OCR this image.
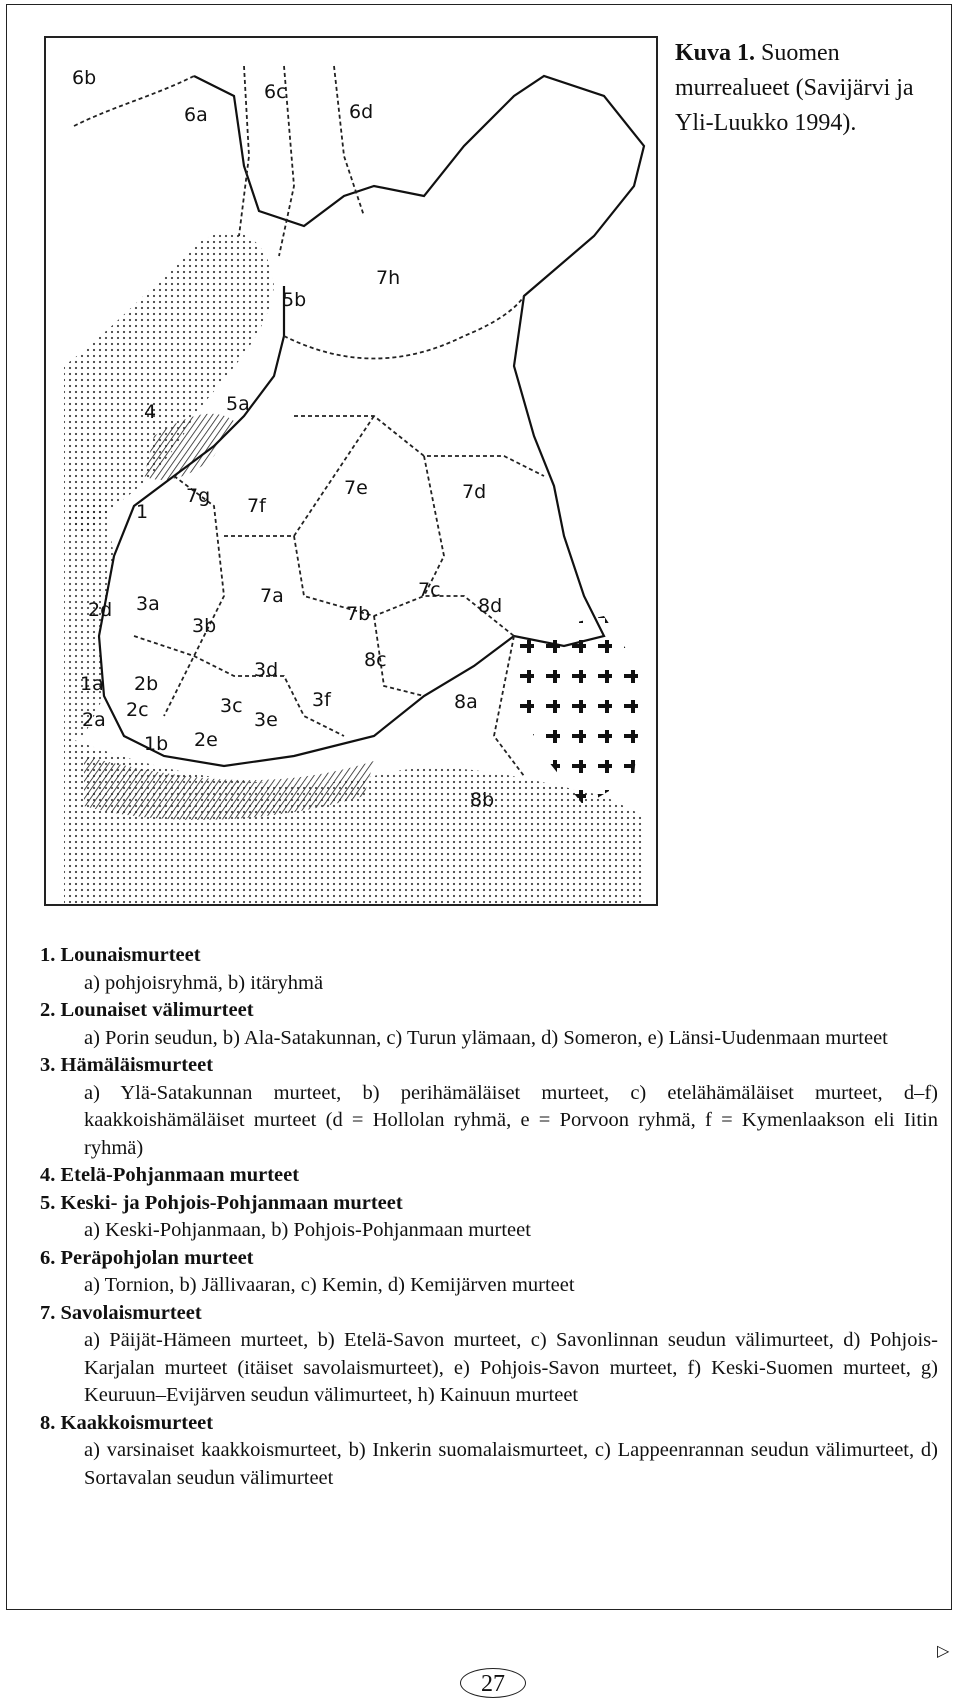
6b
6a
6c
6d
7h
5b
5a
4
7g 7f
7e	7d
1
2d 3a
3b
7a
7b
7c
8d
8c
3d
1a 2b
2c	3c
3e
3f	8a
2a
1b 2e
8b
Kuva 1. Suomen murrealueet (Savijärvi ja Yli-Luukko 1994).
1. Lounaismurteet
a) pohjoisryhmä, b) itäryhmä
2. Lounaiset välimurteet
a) Porin seudun, b) Ala-Satakunnan, c) Turun ylämaan, d) Someron, e) Länsi-Uudenmaan murteet
3. Hämäläismurteet
a) Ylä-Satakunnan murteet, b) perihämäläiset murteet, c) etelähämäläiset murteet, d–f) kaakkoishämäläiset murteet (d = Hollolan ryhmä, e = Porvoon ryhmä, f = Kymenlaakson eli Iitin ryhmä)
4. Etelä-Pohjanmaan murteet
5. Keski- ja Pohjois-Pohjanmaan murteet
a) Keski-Pohjanmaan, b) Pohjois-Pohjanmaan murteet
6. Peräpohjolan murteet
a) Tornion, b) Jällivaaran, c) Kemin, d) Kemijärven murteet
7. Savolaismurteet
a) Päijät-Hämeen murteet, b) Etelä-Savon murteet, c) Savonlinnan seudun välimurteet, d) Pohjois-Karjalan murteet (itäiset savolaismurteet), e) Pohjois-Savon murteet, f) Keski-Suomen murteet, g) Keuruun–Evijärven seudun välimurteet, h) Kainuun murteet
8. Kaakkoismurteet
a) varsinaiset kaakkoismurteet, b) Inkerin suomalaismurteet, c) Lappeenrannan seudun välimurteet, d) Sortavalan seudun välimurteet
▷
27
